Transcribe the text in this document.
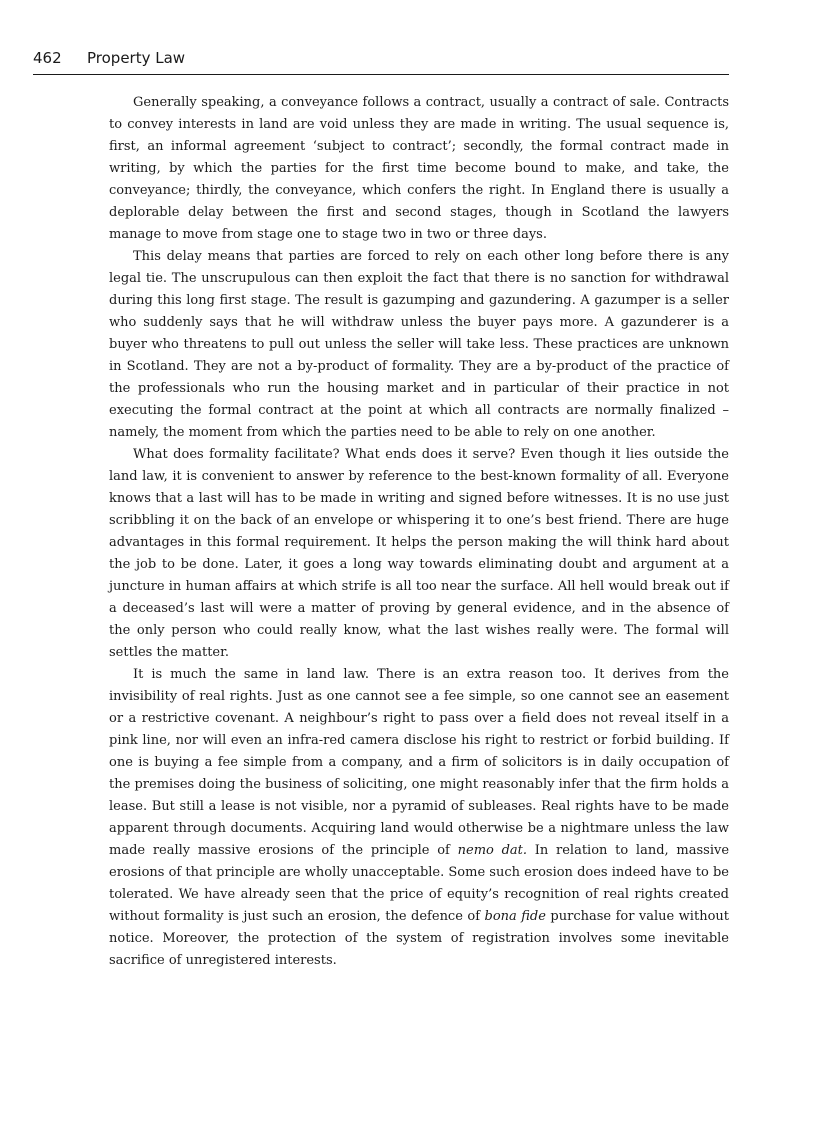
462 Property Law

Generally speaking, a conveyance follows a contract, usually a contract of sale. Contracts to convey interests in land are void unless they are made in writing. The usual sequence is, first, an informal agreement ‘subject to contract’; secondly, the formal contract made in writing, by which the parties for the first time become bound to make, and take, the conveyance; thirdly, the conveyance, which confers the right. In England there is usually a deplorable delay between the first and second stages, though in Scotland the lawyers manage to move from stage one to stage two in two or three days.

This delay means that parties are forced to rely on each other long before there is any legal tie. The unscrupulous can then exploit the fact that there is no sanction for withdrawal during this long first stage. The result is gazumping and gazundering. A gazumper is a seller who suddenly says that he will withdraw unless the buyer pays more. A gazunderer is a buyer who threatens to pull out unless the seller will take less. These practices are unknown in Scotland. They are not a by-product of formality. They are a by-product of the practice of the professionals who run the housing market and in particular of their practice in not executing the formal contract at the point at which all contracts are normally finalized – namely, the moment from which the parties need to be able to rely on one another.

What does formality facilitate? What ends does it serve? Even though it lies outside the land law, it is convenient to answer by reference to the best-known formality of all. Everyone knows that a last will has to be made in writing and signed before witnesses. It is no use just scribbling it on the back of an envelope or whispering it to one’s best friend. There are huge advantages in this formal requirement. It helps the person making the will think hard about the job to be done. Later, it goes a long way towards eliminating doubt and argument at a juncture in human affairs at which strife is all too near the surface. All hell would break out if a deceased’s last will were a matter of proving by general evidence, and in the absence of the only person who could really know, what the last wishes really were. The formal will settles the matter.

It is much the same in land law. There is an extra reason too. It derives from the invisibility of real rights. Just as one cannot see a fee simple, so one cannot see an easement or a restrictive covenant. A neighbour’s right to pass over a field does not reveal itself in a pink line, nor will even an infra-red camera disclose his right to restrict or forbid building. If one is buying a fee simple from a company, and a firm of solicitors is in daily occupation of the premises doing the business of soliciting, one might reasonably infer that the firm holds a lease. But still a lease is not visible, nor a pyramid of subleases. Real rights have to be made apparent through documents. Acquiring land would otherwise be a nightmare unless the law made really massive erosions of the principle of nemo dat. In relation to land, massive erosions of that principle are wholly unacceptable. Some such erosion does indeed have to be tolerated. We have already seen that the price of equity’s recognition of real rights created without formality is just such an erosion, the defence of bona fide purchase for value without notice. Moreover, the protection of the system of registration involves some inevitable sacrifice of unregistered interests.
